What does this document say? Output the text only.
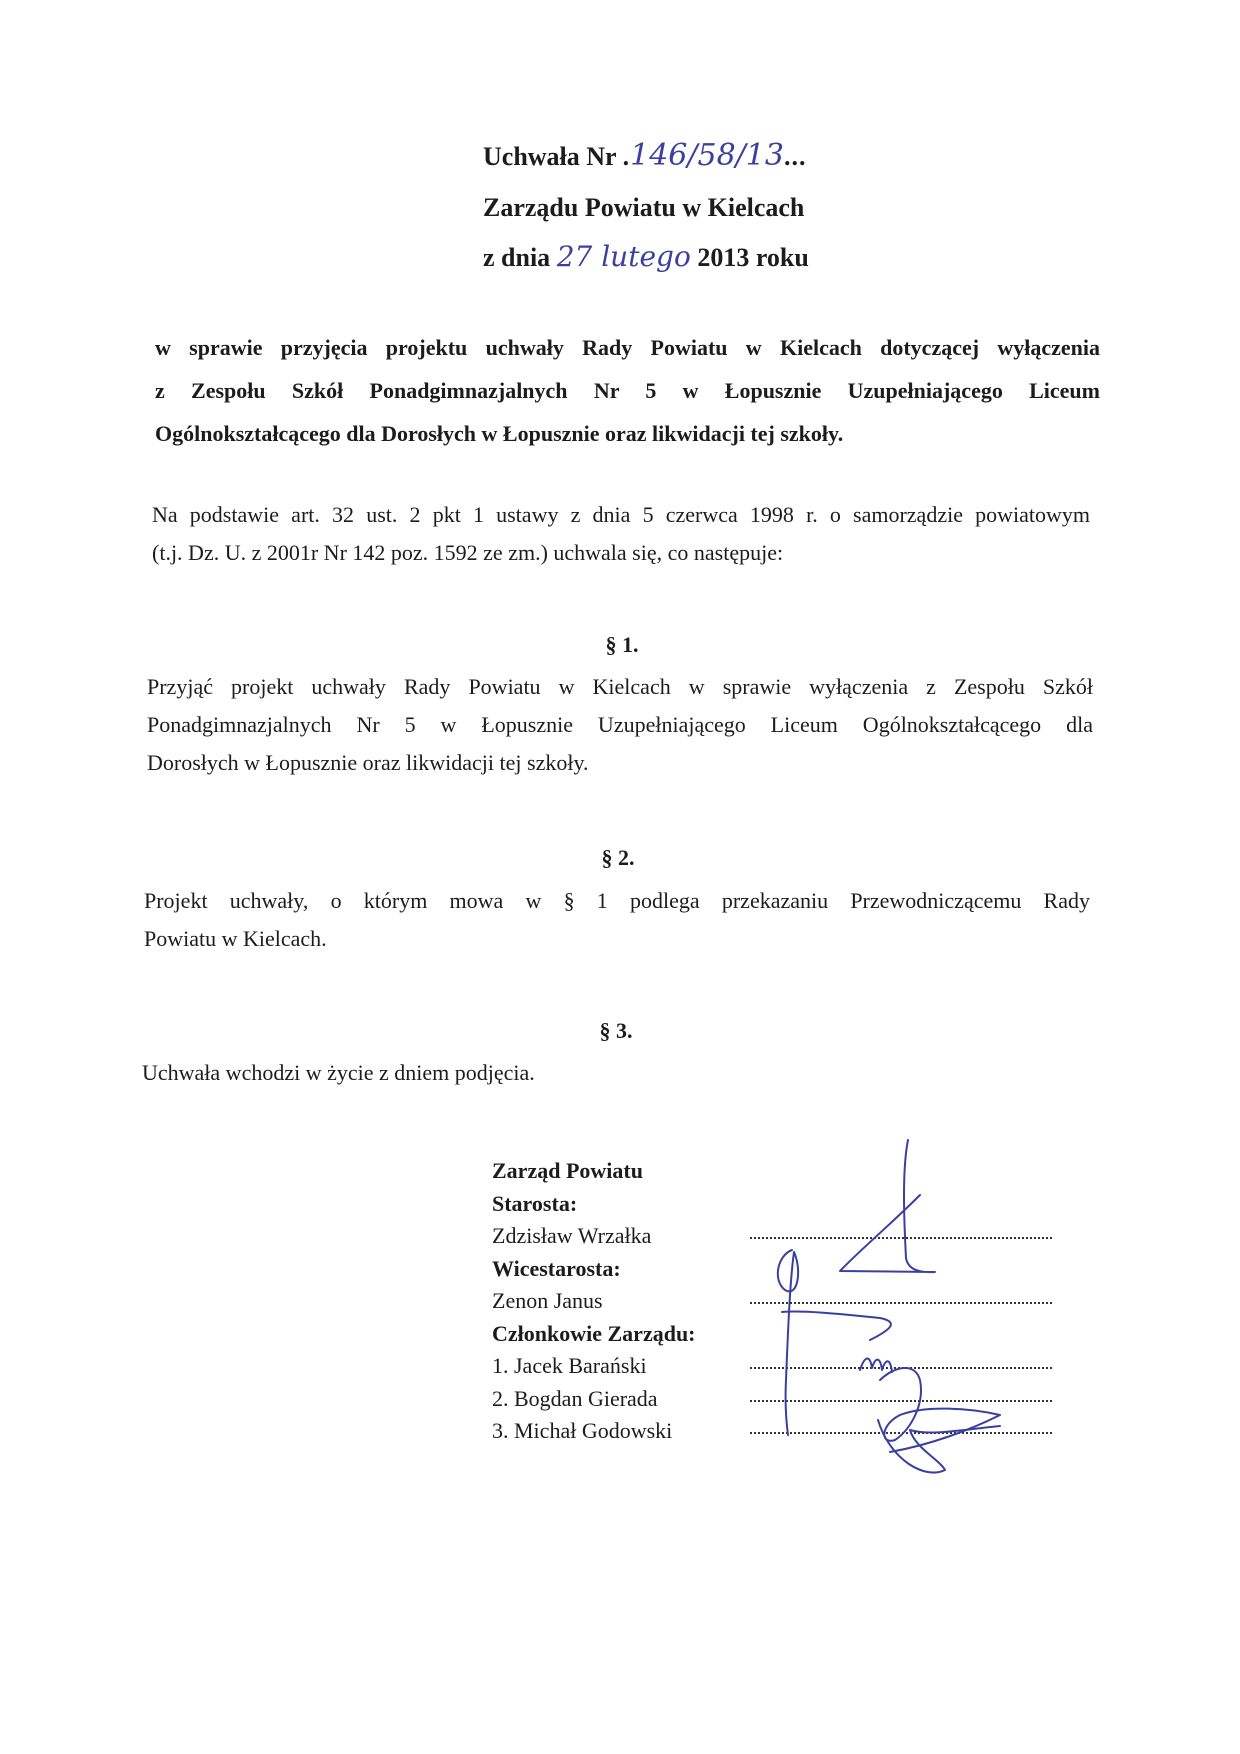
Uchwała Nr .146/58/13...
Zarządu Powiatu w Kielcach
z dnia 27 lutego 2013 roku
w sprawie przyjęcia projektu uchwały Rady Powiatu w Kielcach dotyczącej wyłączenia
z Zespołu Szkół Ponadgimnazjalnych Nr 5 w Łopusznie Uzupełniającego Liceum
Ogólnokształcącego dla Dorosłych w Łopusznie oraz likwidacji tej szkoły.
Na podstawie art. 32 ust. 2 pkt 1 ustawy z dnia 5 czerwca 1998 r. o samorządzie powiatowym
(t.j. Dz. U. z 2001r Nr 142 poz. 1592 ze zm.) uchwala się, co następuje:
§ 1.
Przyjąć projekt uchwały Rady Powiatu w Kielcach w sprawie wyłączenia z Zespołu Szkół
Ponadgimnazjalnych Nr 5 w Łopusznie Uzupełniającego Liceum Ogólnokształcącego dla
Dorosłych w Łopusznie oraz likwidacji tej szkoły.
§ 2.
Projekt uchwały, o którym mowa w § 1 podlega przekazaniu Przewodniczącemu Rady
Powiatu w Kielcach.
§ 3.
Uchwała wchodzi w życie z dniem podjęcia.
Zarząd Powiatu
Starosta:
Zdzisław Wrzałka
Wicestarosta:
Zenon Janus
Członkowie Zarządu:
1. Jacek Barański
2. Bogdan Gierada
3. Michał Godowski
